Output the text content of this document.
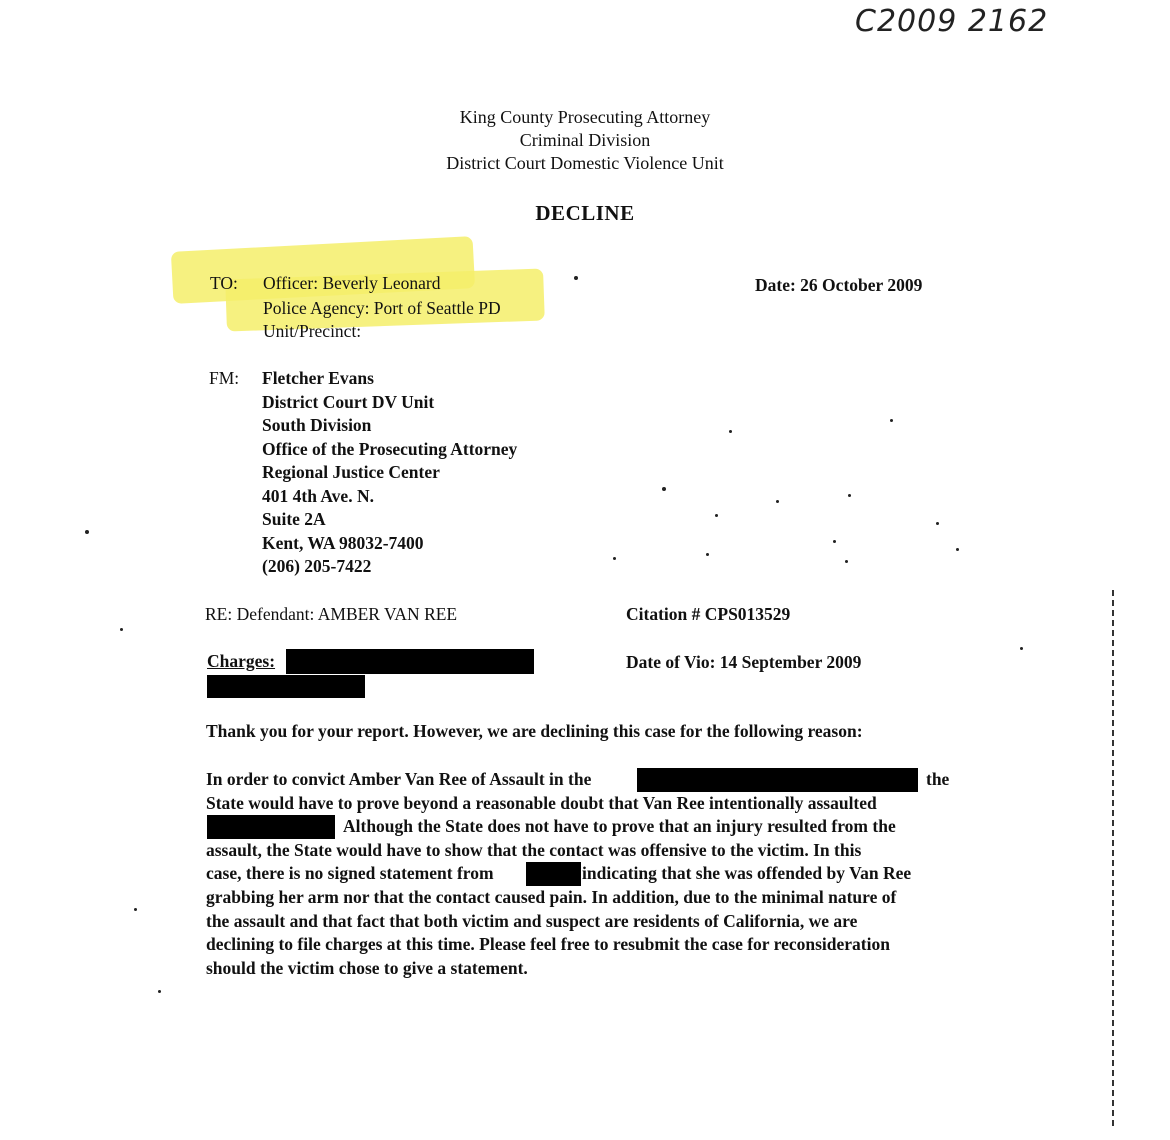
C2009 2162
King County Prosecuting Attorney
Criminal Division
District Court Domestic Violence Unit
DECLINE
TO: Officer: Beverly Leonard
Police Agency: Port of Seattle PD
Unit/Precinct:
Date: 26 October 2009
FM: Fletcher Evans
District Court DV Unit
South Division
Office of the Prosecuting Attorney
Regional Justice Center
401 4th Ave. N.
Suite 2A
Kent, WA 98032-7400
(206) 205-7422
RE: Defendant: AMBER VAN REE	Citation # CPS013529
Charges:	Date of Vio: 14 September 2009
Thank you for your report. However, we are declining this case for the following reason:
In order to convict Amber Van Ree of Assault in the	the
State would have to prove beyond a reasonable doubt that Van Ree intentionally assaulted
Although the State does not have to prove that an injury resulted from the
assault, the State would have to show that the contact was offensive to the victim. In this
case, there is no signed statement from	indicating that she was offended by Van Ree
grabbing her arm nor that the contact caused pain. In addition, due to the minimal nature of
the assault and that fact that both victim and suspect are residents of California, we are
declining to file charges at this time. Please feel free to resubmit the case for reconsideration
should the victim chose to give a statement.
